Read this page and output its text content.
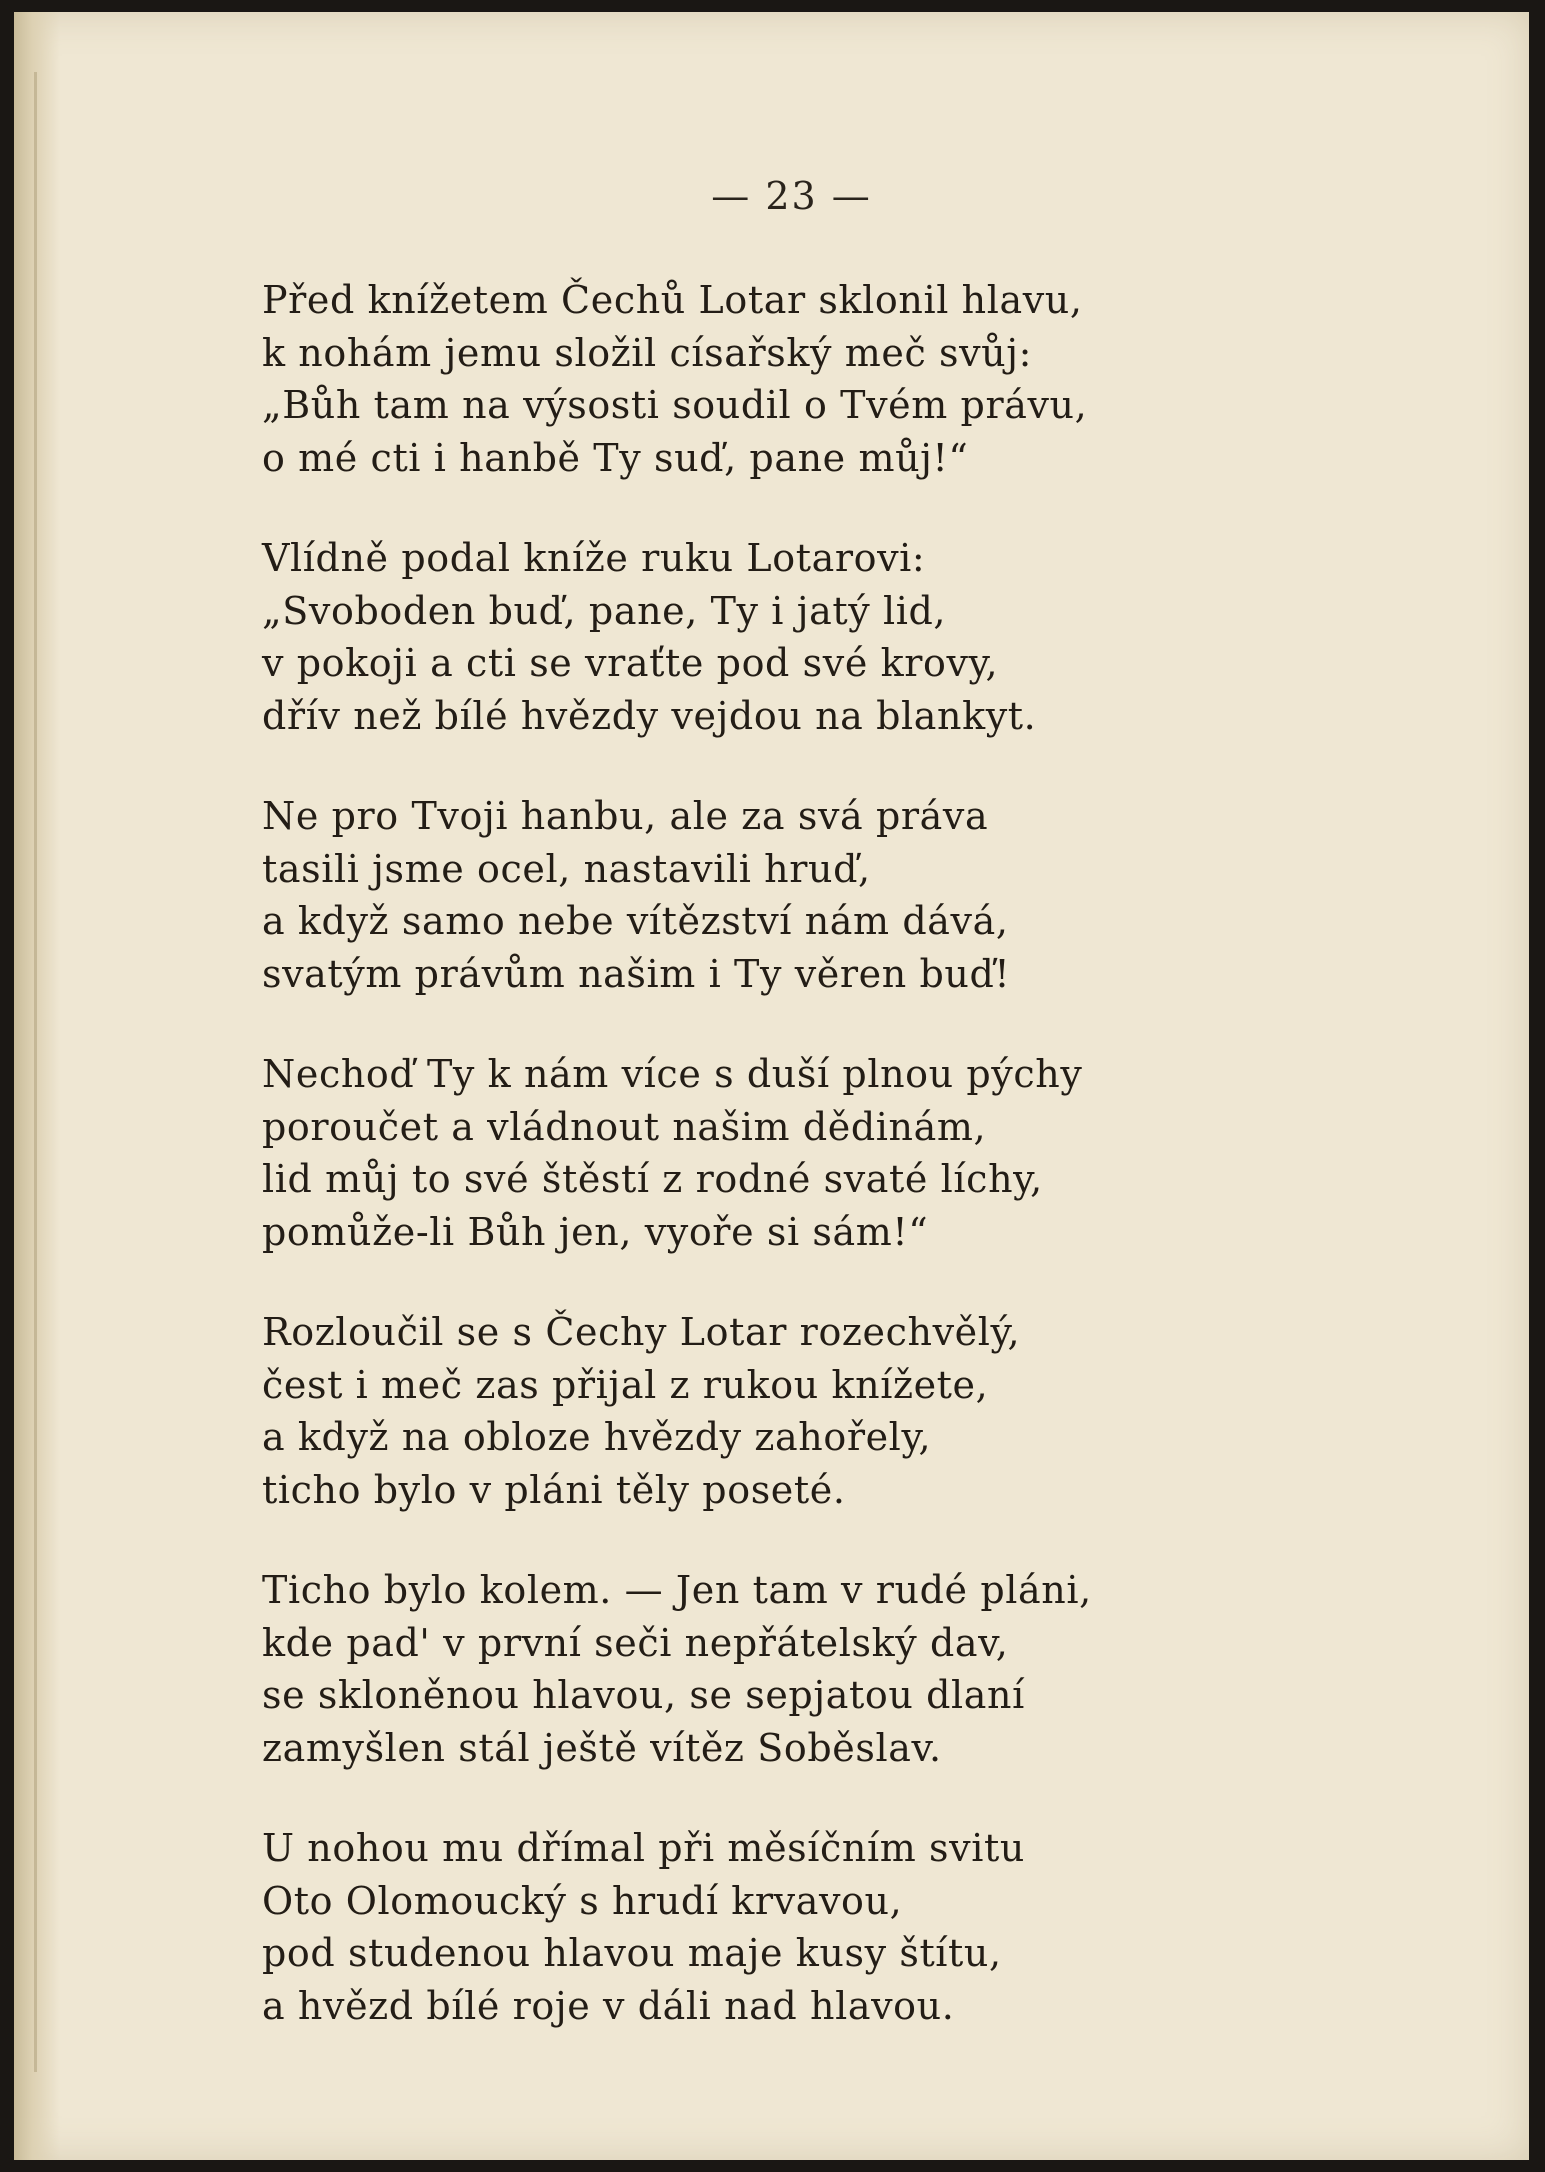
— 23 —
Před knížetem Čechů Lotar sklonil hlavu,
k nohám jemu složil císařský meč svůj:
„Bůh tam na výsosti soudil o Tvém právu,
o mé cti i hanbě Ty suď, pane můj!“
Vlídně podal kníže ruku Lotarovi:
„Svoboden buď, pane, Ty i jatý lid,
v pokoji a cti se vraťte pod své krovy,
dřív než bílé hvězdy vejdou na blankyt.
Ne pro Tvoji hanbu, ale za svá práva
tasili jsme ocel, nastavili hruď,
a když samo nebe vítězství nám dává,
svatým právům našim i Ty věren buď!
Nechoď Ty k nám více s duší plnou pýchy
poroučet a vládnout našim dědinám,
lid můj to své štěstí z rodné svaté líchy,
pomůže-li Bůh jen, vyoře si sám!“
Rozloučil se s Čechy Lotar rozechvělý,
čest i meč zas přijal z rukou knížete,
a když na obloze hvězdy zahořely,
ticho bylo v pláni těly poseté.
Ticho bylo kolem. — Jen tam v rudé pláni,
kde pad' v první seči nepřátelský dav,
se skloněnou hlavou, se sepjatou dlaní
zamyšlen stál ještě vítěz Soběslav.
U nohou mu dřímal při měsíčním svitu
Oto Olomoucký s hrudí krvavou,
pod studenou hlavou maje kusy štítu,
a hvězd bílé roje v dáli nad hlavou.
